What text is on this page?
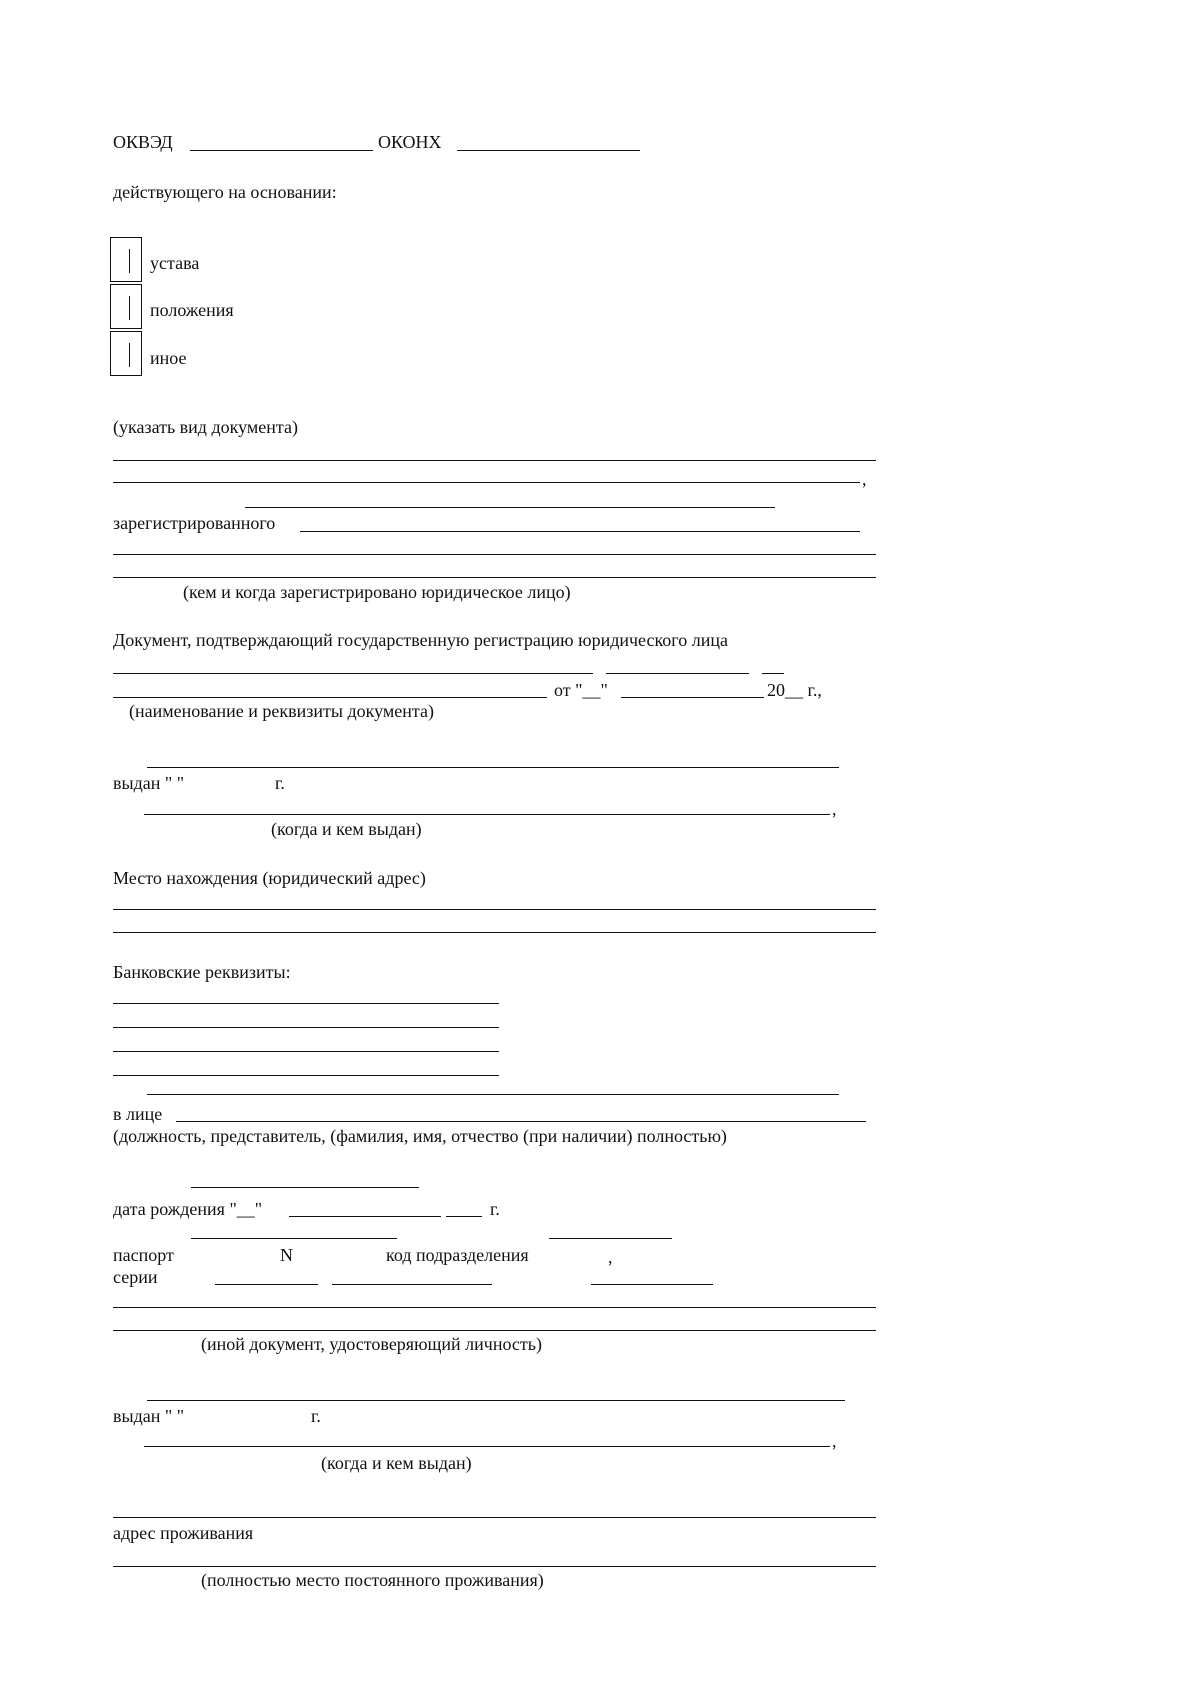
ОКВЭД	ОКОНХ
действующего на основании:
устава
положения
иное
(указать вид документа)
,
зарегистрированного
(кем и когда зарегистрировано юридическое лицо)
Документ, подтверждающий государственную регистрацию юридического лица
от "__"	20__ г.,
(наименование и реквизиты документа)
выдан " "	г.
,
(когда и кем выдан)
Место нахождения (юридический адрес)
Банковские реквизиты:
в лице
(должность, представитель, (фамилия, имя, отчество (при наличии) полностью)
дата рождения "__"	г.
паспорт	N	код подразделения	,
серии
(иной документ, удостоверяющий личность)
выдан " "	г.
,
(когда и кем выдан)
адрес проживания
(полностью место постоянного проживания)
